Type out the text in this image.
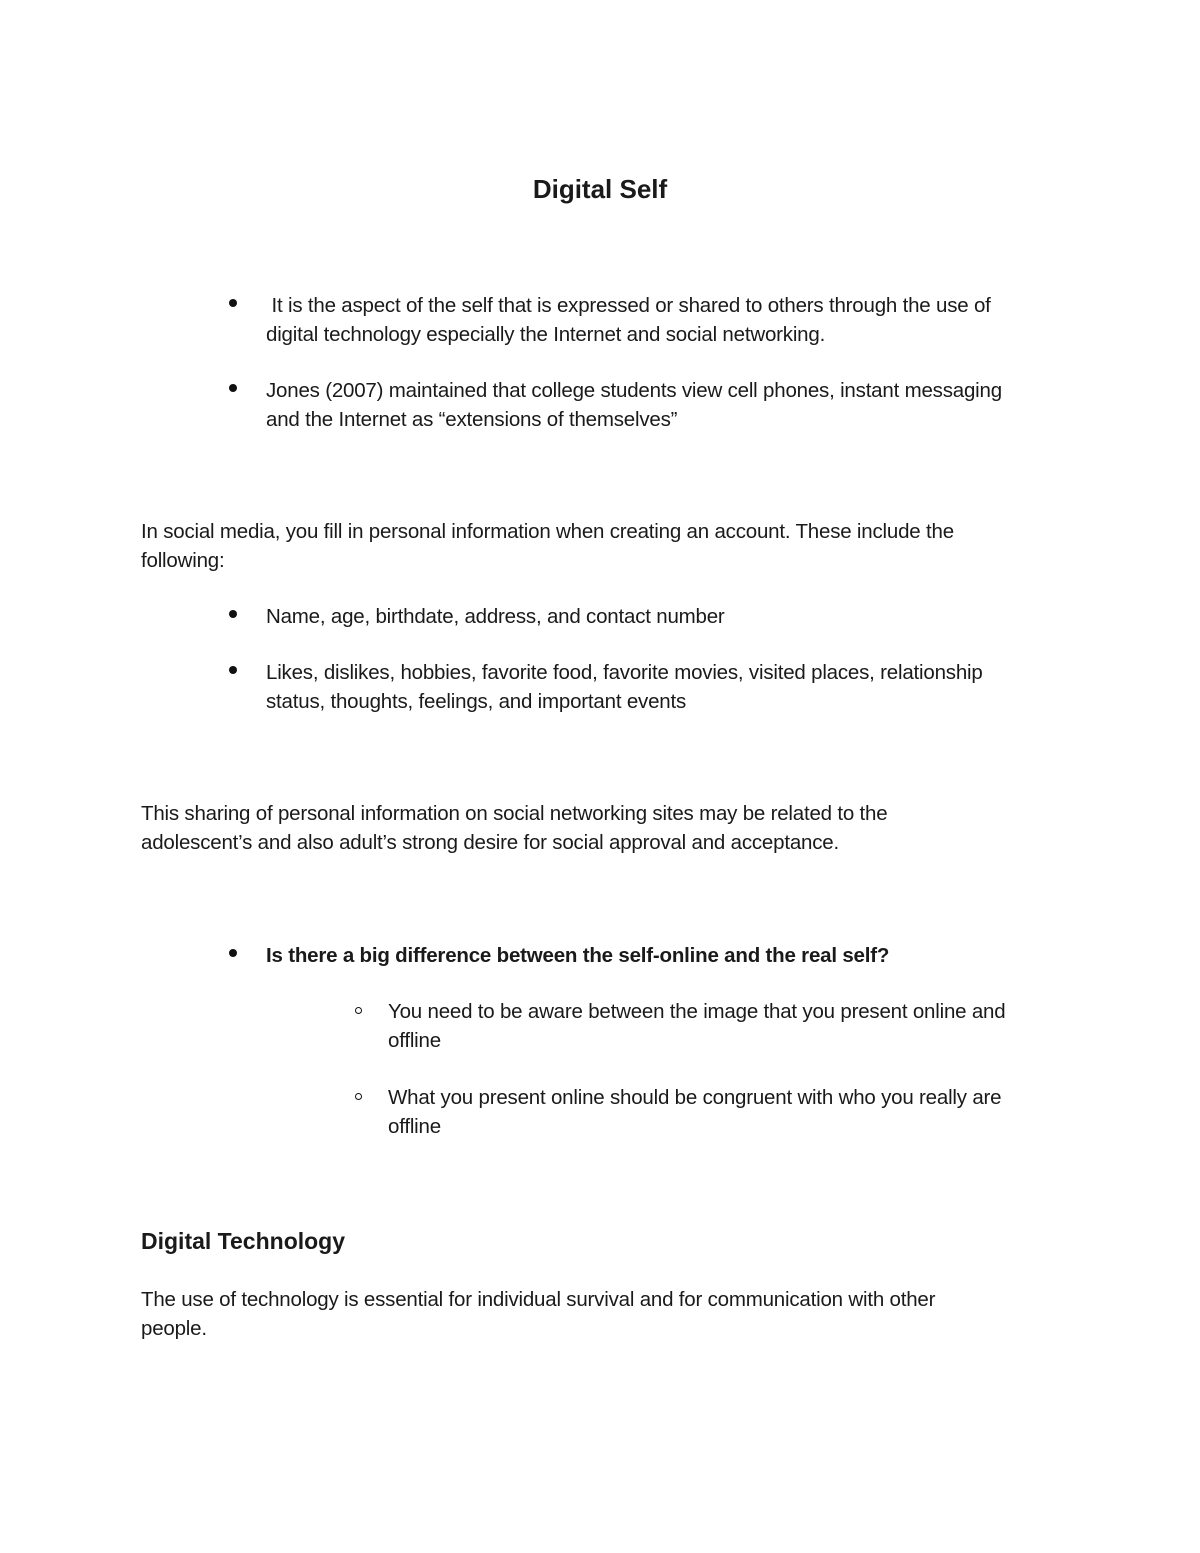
Digital Self
It is the aspect of the self that is expressed or shared to others through the use of
digital technology especially the Internet and social networking.
Jones (2007) maintained that college students view cell phones, instant messaging
and the Internet as “extensions of themselves”
In social media, you fill in personal information when creating an account. These include the
following:
Name, age, birthdate, address, and contact number
Likes, dislikes, hobbies, favorite food, favorite movies, visited places, relationship
status, thoughts, feelings, and important events
This sharing of personal information on social networking sites may be related to the
adolescent’s and also adult’s strong desire for social approval and acceptance.
Is there a big difference between the self-online and the real self?
You need to be aware between the image that you present online and
offline
What you present online should be congruent with who you really are
offline
Digital Technology
The use of technology is essential for individual survival and for communication with other
people.
